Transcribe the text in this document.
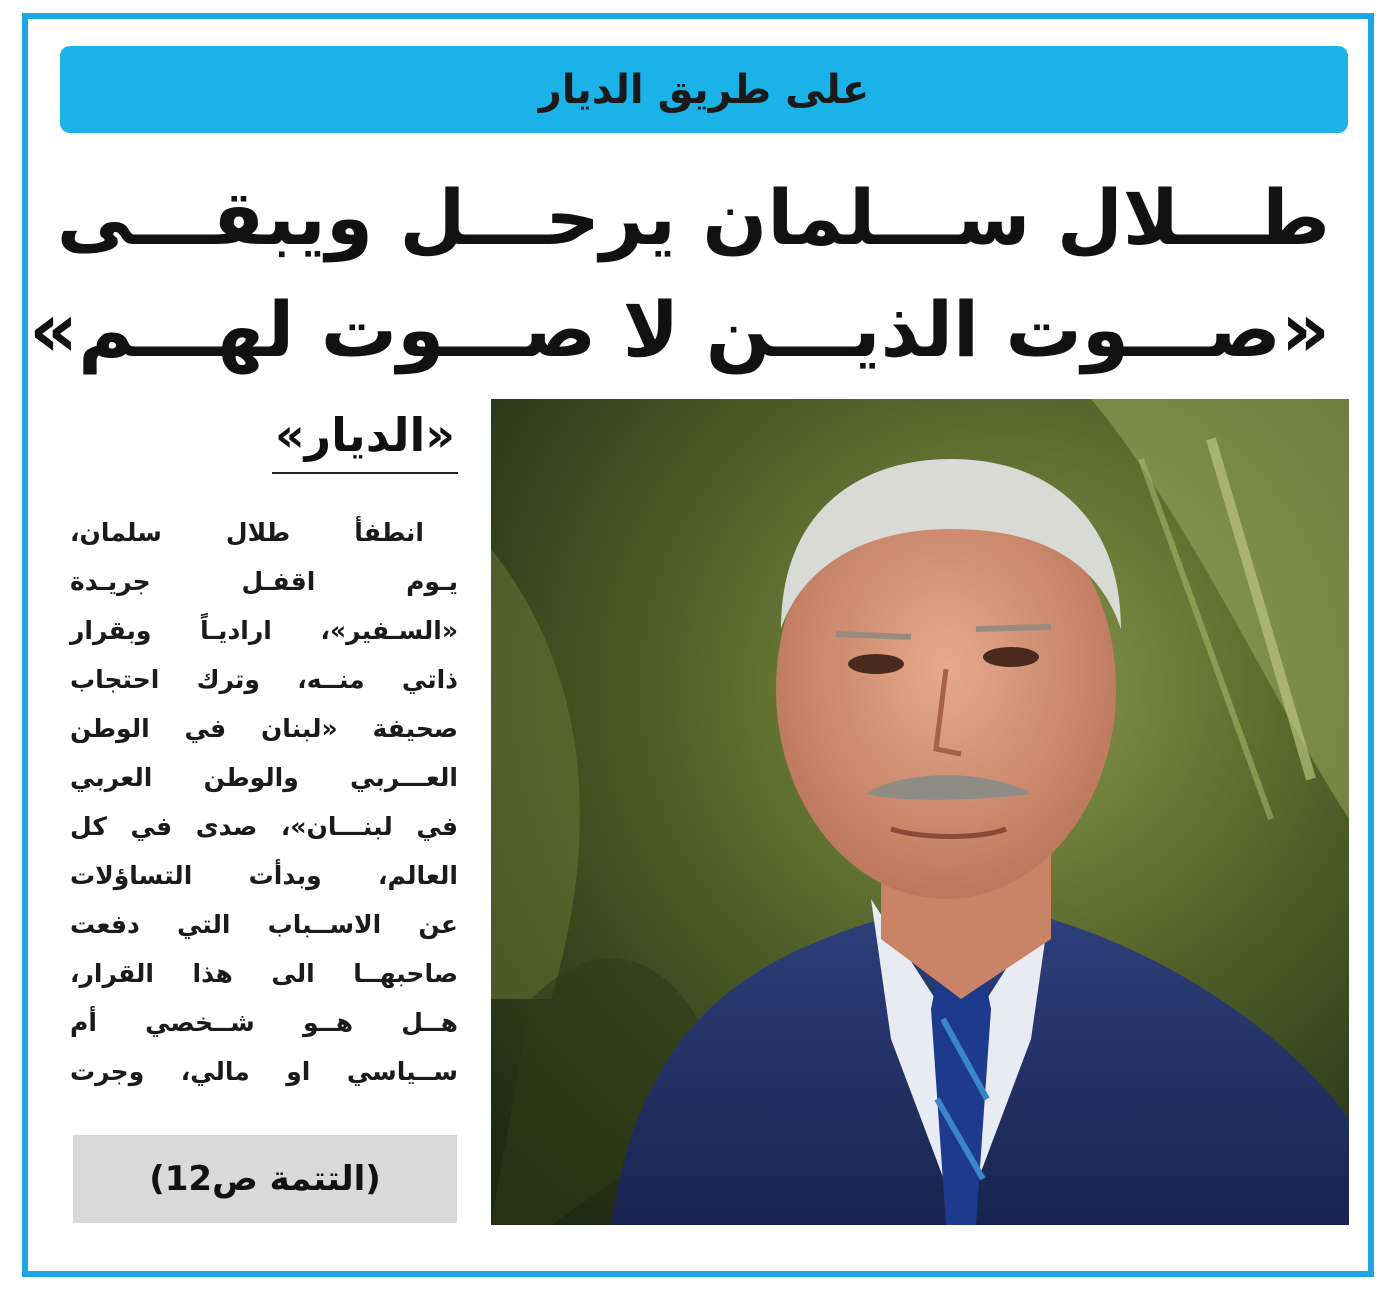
على طريق الديار
طـــلال ســـلمان يرحـــل ويبقـــى
«صـــوت الذيـــن لا صـــوت لهـــم»
«الديار»
انطفأ طلال سلمان،
يـوم اقفـل جريـدة
«السـفير»، اراديـاً وبقرار
ذاتي منــه، وترك احتجاب
صحيفة «لبنان في الوطن
العـــربي والوطن العربي
في لبنـــان»، صدى في كل
العالم، وبدأت التساؤلات
عن الاســباب التي دفعت
صاحبهــا الى هذا القرار،
هــل هــو شــخصي أم
ســياسي او مالي، وجرت
(التتمة ص12)
